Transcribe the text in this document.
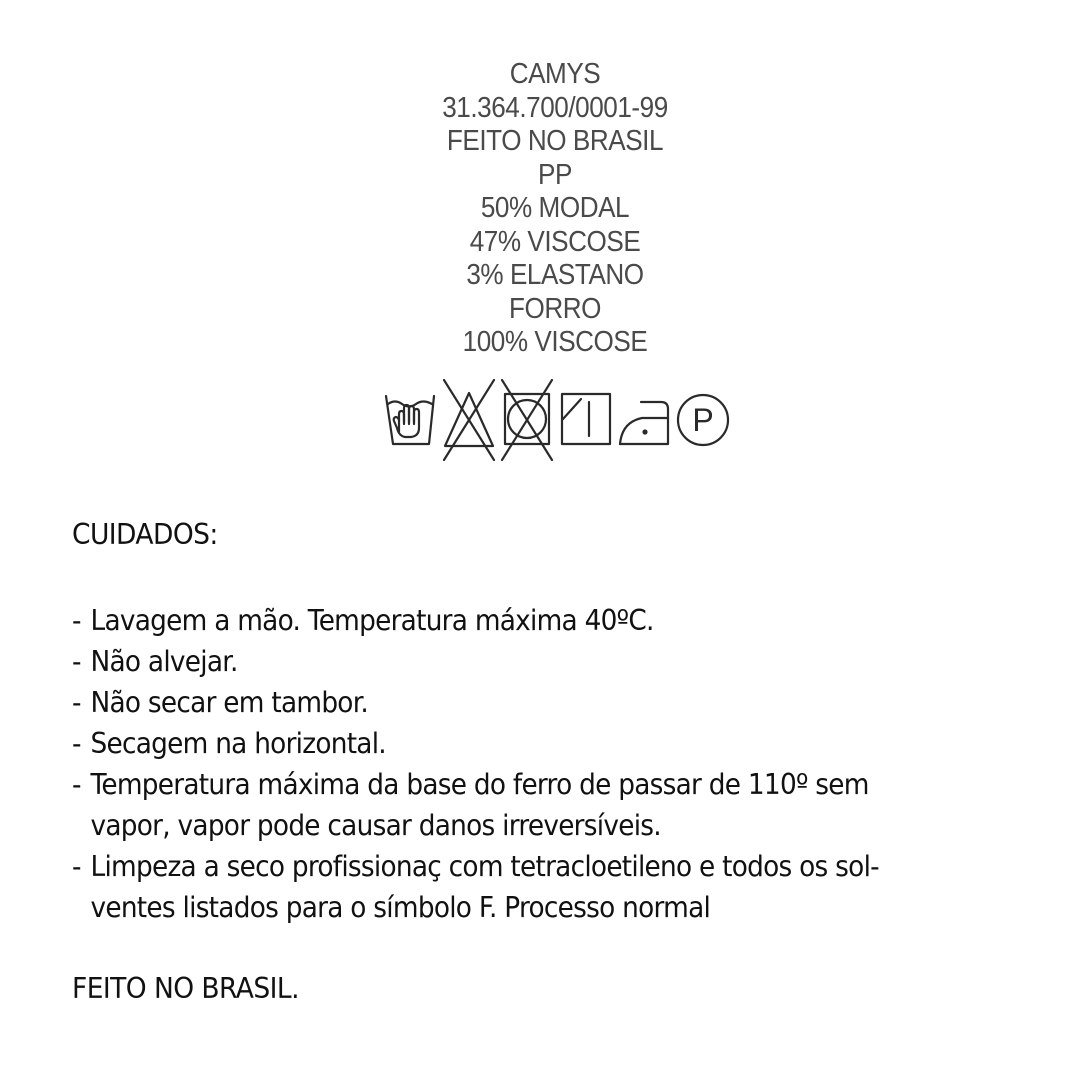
CAMYS
31.364.700/0001-99
FEITO NO BRASIL
PP
50% MODAL
47% VISCOSE
3% ELASTANO
FORRO
100% VISCOSE
P
CUIDADOS:
- Lavagem a mão. Temperatura máxima 40ºC.
- Não alvejar.
- Não secar em tambor.
- Secagem na horizontal.
- Temperatura máxima da base do ferro de passar de 110º sem
vapor, vapor pode causar danos irreversíveis.
- Limpeza a seco profissionaç com tetracloetileno e todos os sol-
ventes listados para o símbolo F. Processo normal
FEITO NO BRASIL.
